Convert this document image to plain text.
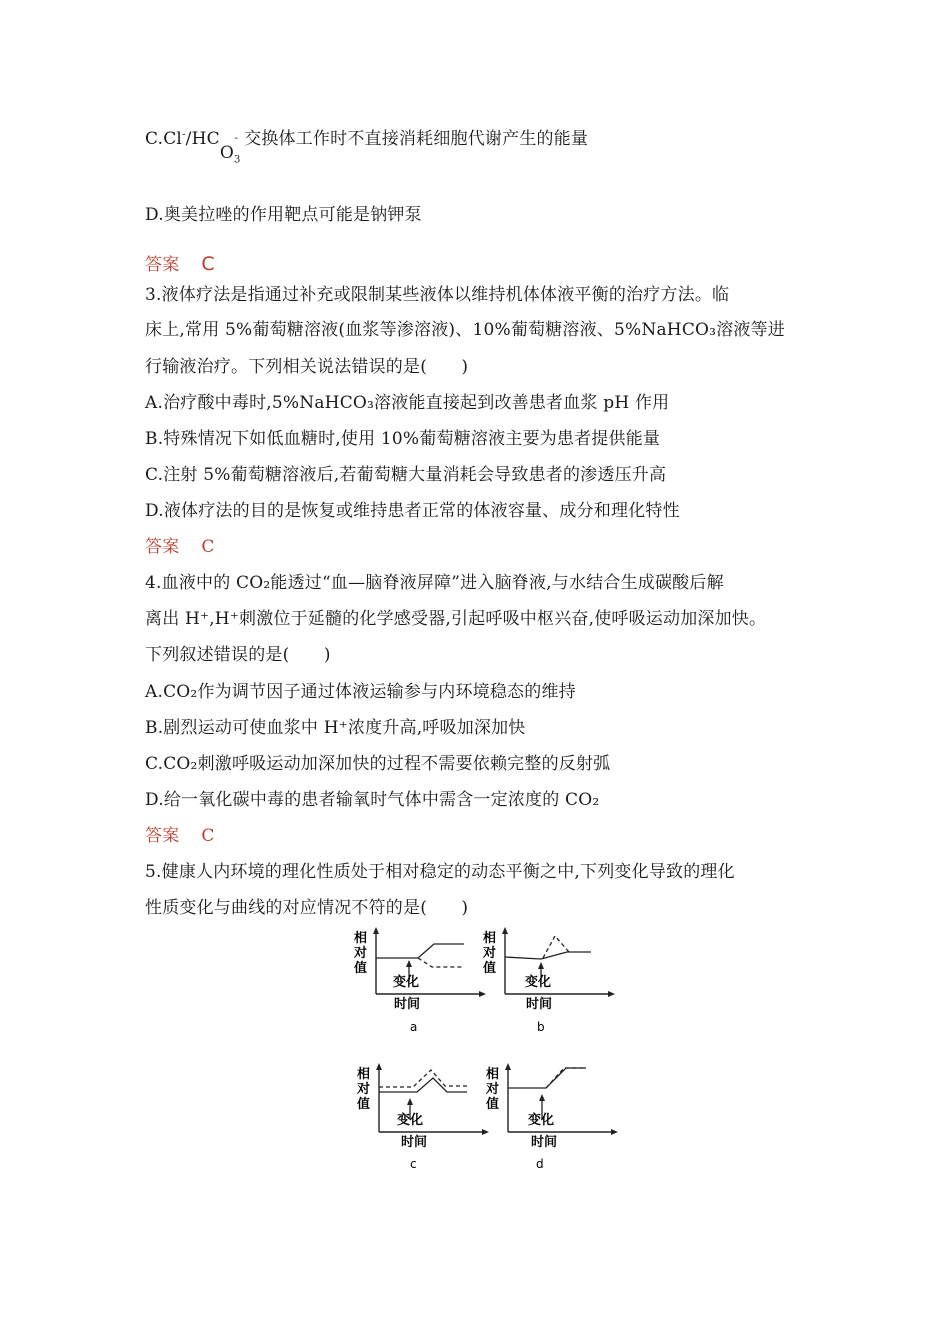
$C.Cl^-/HCO_3^-$ 交换体工作时不直接消耗细胞代谢产生的能量
D.奥美拉唑的作用靶点可能是钠钾泵
答案 C
3.液体疗法是指通过补充或限制某些液体以维持机体体液平衡的治疗方法。临
床上,常用 5%葡萄糖溶液(血浆等渗溶液)、10%葡萄糖溶液、5%NaHCO₃溶液等进
行输液治疗。下列相关说法错误的是(　　)
A.治疗酸中毒时,5%NaHCO₃溶液能直接起到改善患者血浆 pH 作用
B.特殊情况下如低血糖时,使用 10%葡萄糖溶液主要为患者提供能量
C.注射 5%葡萄糖溶液后,若葡萄糖大量消耗会导致患者的渗透压升高
D.液体疗法的目的是恢复或维持患者正常的体液容量、成分和理化特性
答案 C
4.血液中的 CO₂能透过“血—脑脊液屏障”进入脑脊液,与水结合生成碳酸后解
离出 H⁺,H⁺刺激位于延髓的化学感受器,引起呼吸中枢兴奋,使呼吸运动加深加快。
下列叙述错误的是(　　)
A.CO₂作为调节因子通过体液运输参与内环境稳态的维持
B.剧烈运动可使血浆中 H⁺浓度升高,呼吸加深加快
C.CO₂刺激呼吸运动加深加快的过程不需要依赖完整的反射弧
D.给一氧化碳中毒的患者输氧时气体中需含一定浓度的 CO₂
答案 C
5.健康人内环境的理化性质处于相对稳定的动态平衡之中,下列变化导致的理化
性质变化与曲线的对应情况不符的是(　　)
相
对
值
变化
时间
a
相
对
值
变化
时间
b
相
对
值
变化
时间
c
相
对
值
变化
时间
d
